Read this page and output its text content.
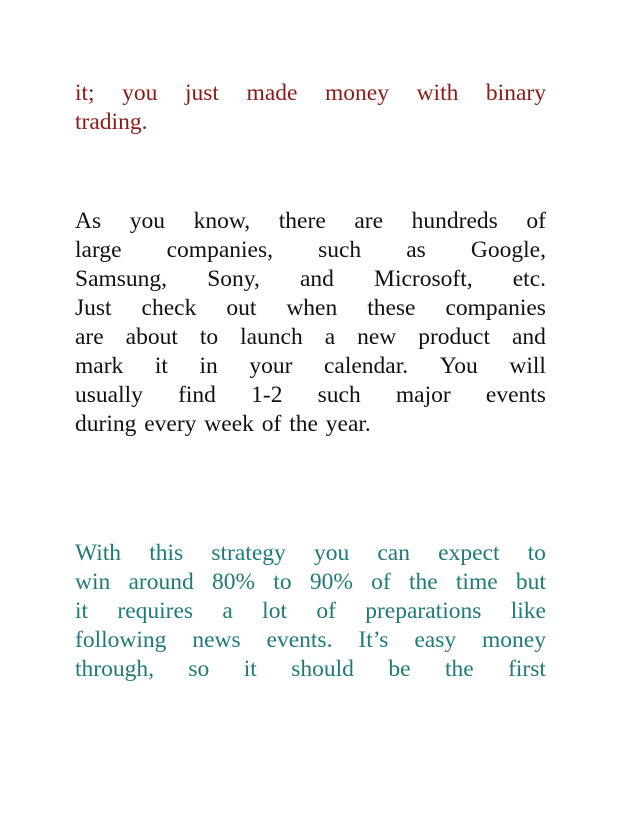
it; you just made money with binary
trading.
As you know, there are hundreds of
large companies, such as Google,
Samsung, Sony, and Microsoft, etc.
Just check out when these companies
are about to launch a new product and
mark it in your calendar. You will
usually find 1-2 such major events
during every week of the year.
With this strategy you can expect to
win around 80% to 90% of the time but
it requires a lot of preparations like
following news events. It’s easy money
through, so it should be the first
